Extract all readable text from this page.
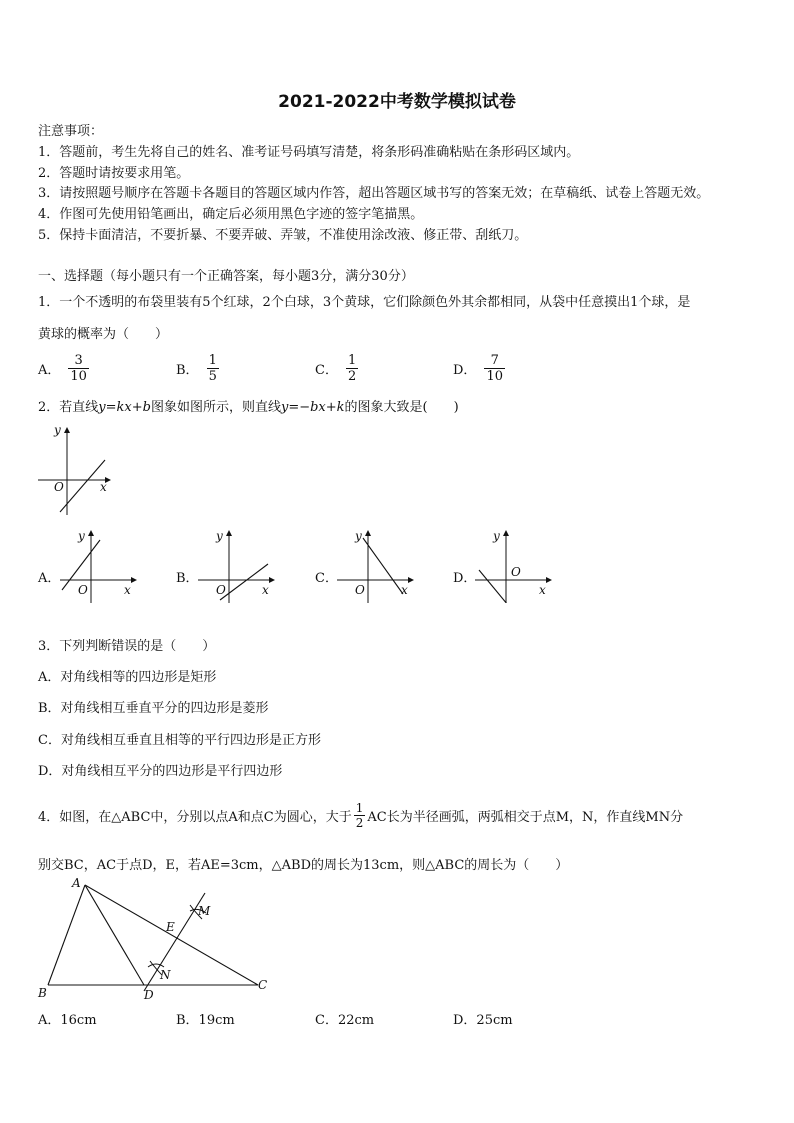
2021-2022中考数学模拟试卷
注意事项：
1．答题前，考生先将自己的姓名、准考证号码填写清楚，将条形码准确粘贴在条形码区域内。
2．答题时请按要求用笔。
3．请按照题号顺序在答题卡各题目的答题区域内作答，超出答题区域书写的答案无效；在草稿纸、试卷上答题无效。
4．作图可先使用铅笔画出，确定后必须用黑色字迹的签字笔描黑。
5．保持卡面清洁，不要折暴、不要弄破、弄皱，不准使用涂改液、修正带、刮纸刀。
一、选择题（每小题只有一个正确答案，每小题3分，满分30分）
1．一个不透明的布袋里装有5个红球，2个白球，3个黄球，它们除颜色外其余都相同，从袋中任意摸出1个球，是
黄球的概率为（　　）
A． $\frac{3}{10}$	B． $\frac{1}{5}$	C． $\frac{1}{2}$	D． $\frac{7}{10}$
2．若直线y=kx+b图象如图所示，则直线y=−bx+k的图象大致是(　　)
y
x
O
A．	B．	C．	D．
y
x
O
y
x
O
y
x
O
y
x
O
3．下列判断错误的是（　　）
A．对角线相等的四边形是矩形
B．对角线相互垂直平分的四边形是菱形
C．对角线相互垂直且相等的平行四边形是正方形
D．对角线相互平分的四边形是平行四边形
4．如图，在△ABC中，分别以点A和点C为圆心，大于
1
2 AC长为半径画弧，两弧相交于点M，N，作直线MN分
别交BC，AC于点D，E，若AE=3cm，△ABD的周长为13cm，则△ABC的周长为（　　）
A
B
C
D
E
M
N
A．16cm	B．19cm	C．22cm	D．25cm
